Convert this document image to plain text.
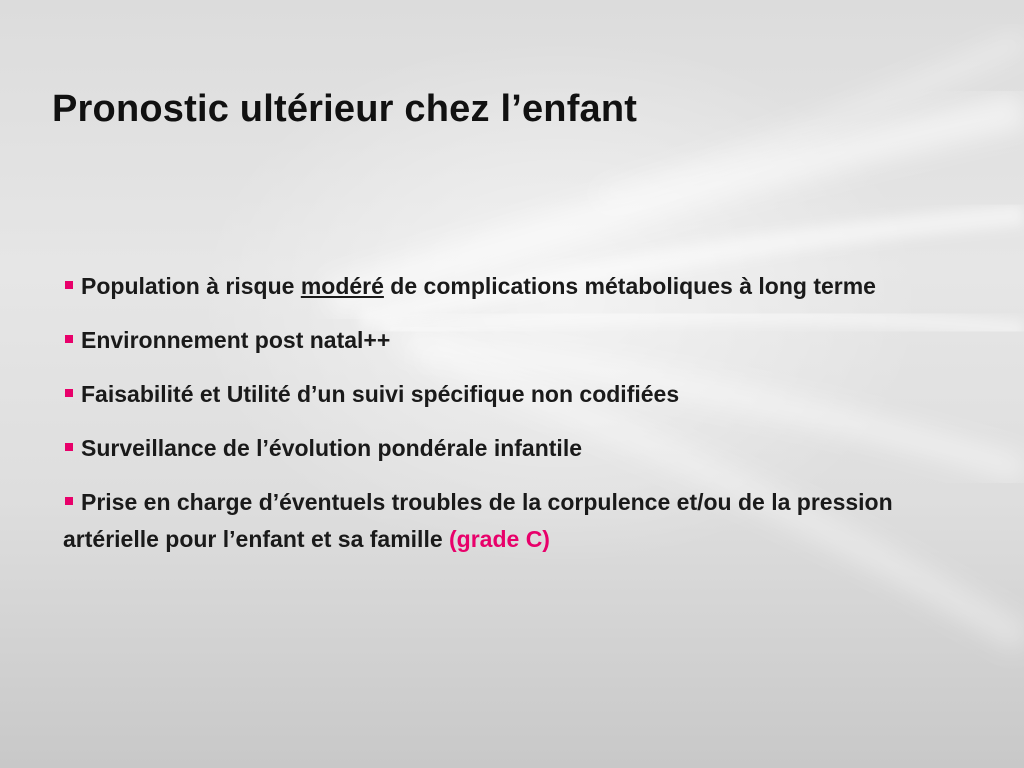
Pronostic ultérieur chez l’enfant
Population à risque modéré de complications métaboliques à long terme
Environnement post natal++
Faisabilité et Utilité d’un suivi spécifique non codifiées
Surveillance de l’évolution pondérale infantile
Prise en charge d’éventuels troubles de la corpulence et/ou de la pression artérielle pour l’enfant et sa famille (grade C)
